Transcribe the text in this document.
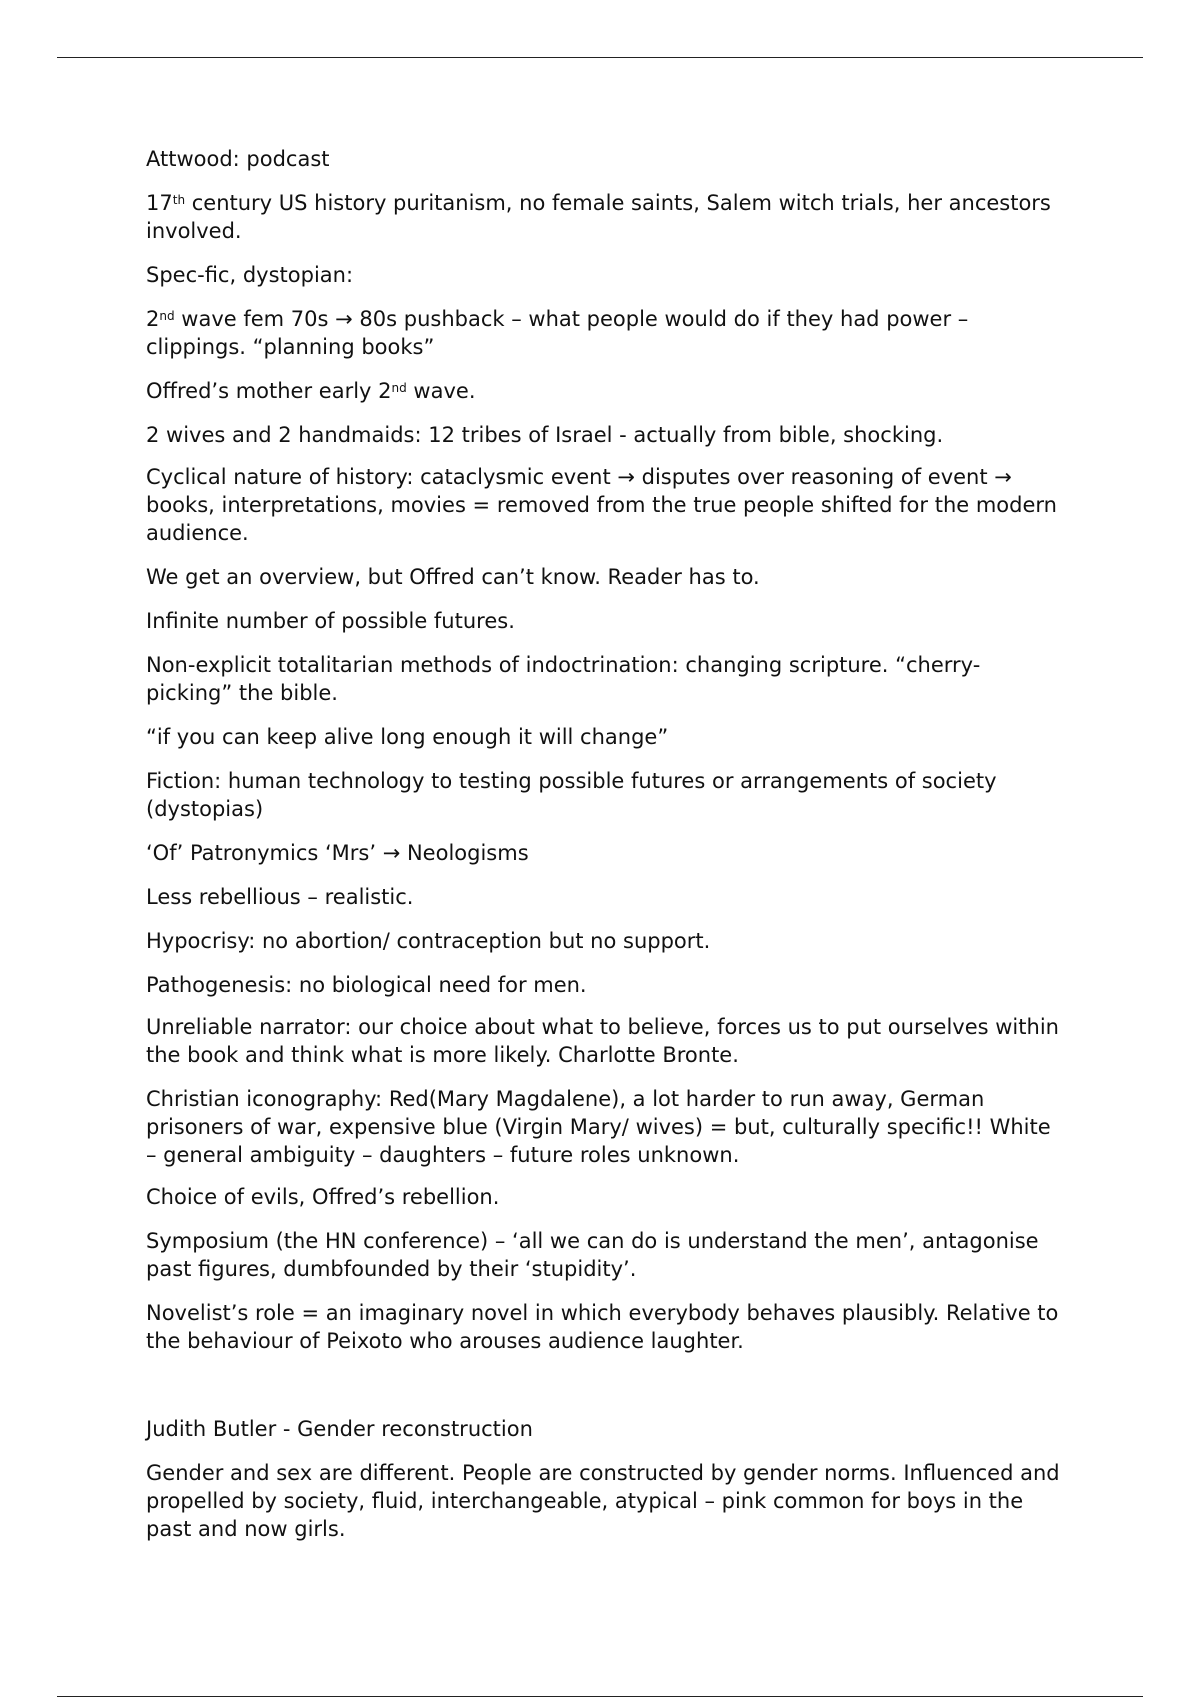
Attwood: podcast

17th century US history puritanism, no female saints, Salem witch trials, her ancestors involved.

Spec-fic, dystopian:

2nd wave fem 70s → 80s pushback – what people would do if they had power – clippings. “planning books”

Offred’s mother early 2nd wave.

2 wives and 2 handmaids: 12 tribes of Israel - actually from bible, shocking.

Cyclical nature of history: cataclysmic event → disputes over reasoning of event → books, interpretations, movies = removed from the true people shifted for the modern audience.

We get an overview, but Offred can’t know. Reader has to.

Infinite number of possible futures.

Non-explicit totalitarian methods of indoctrination: changing scripture. “cherry-picking” the bible.

“if you can keep alive long enough it will change”

Fiction: human technology to testing possible futures or arrangements of society (dystopias)

‘Of’ Patronymics ‘Mrs’ → Neologisms

Less rebellious – realistic.

Hypocrisy: no abortion/ contraception but no support.

Pathogenesis: no biological need for men.

Unreliable narrator: our choice about what to believe, forces us to put ourselves within the book and think what is more likely. Charlotte Bronte.

Christian iconography: Red(Mary Magdalene), a lot harder to run away, German prisoners of war, expensive blue (Virgin Mary/ wives) = but, culturally specific!! White – general ambiguity – daughters – future roles unknown.

Choice of evils, Offred’s rebellion.

Symposium (the HN conference) – ‘all we can do is understand the men’, antagonise past figures, dumbfounded by their ‘stupidity’.

Novelist’s role = an imaginary novel in which everybody behaves plausibly. Relative to the behaviour of Peixoto who arouses audience laughter.

Judith Butler - Gender reconstruction

Gender and sex are different. People are constructed by gender norms. Influenced and propelled by society, fluid, interchangeable, atypical – pink common for boys in the past and now girls.
